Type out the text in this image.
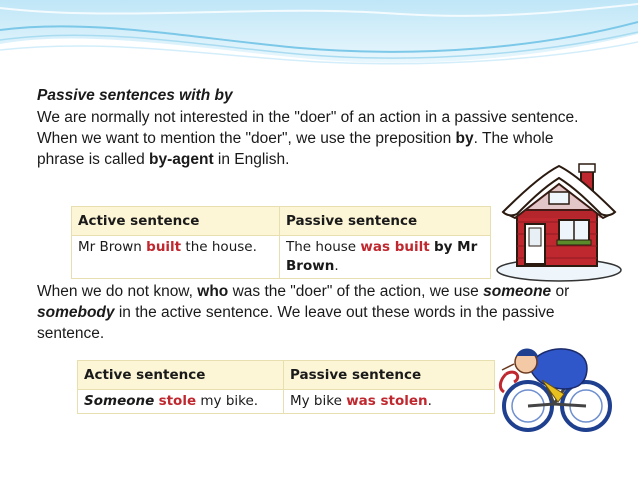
Passive sentences with by
We are normally not interested in the "doer" of an action in a passive sentence. When we want to mention the "doer", we use the preposition by. The whole phrase is called by-agent in English.
Active sentence	Passive sentence
Mr Brown built the house.	The house was built by Mr Brown.
When we do not know, who was the "doer" of the action, we use someone or somebody in the active sentence. We leave out these words in the passive sentence.
Active sentence	Passive sentence
Someone stole my bike.	My bike was stolen.
